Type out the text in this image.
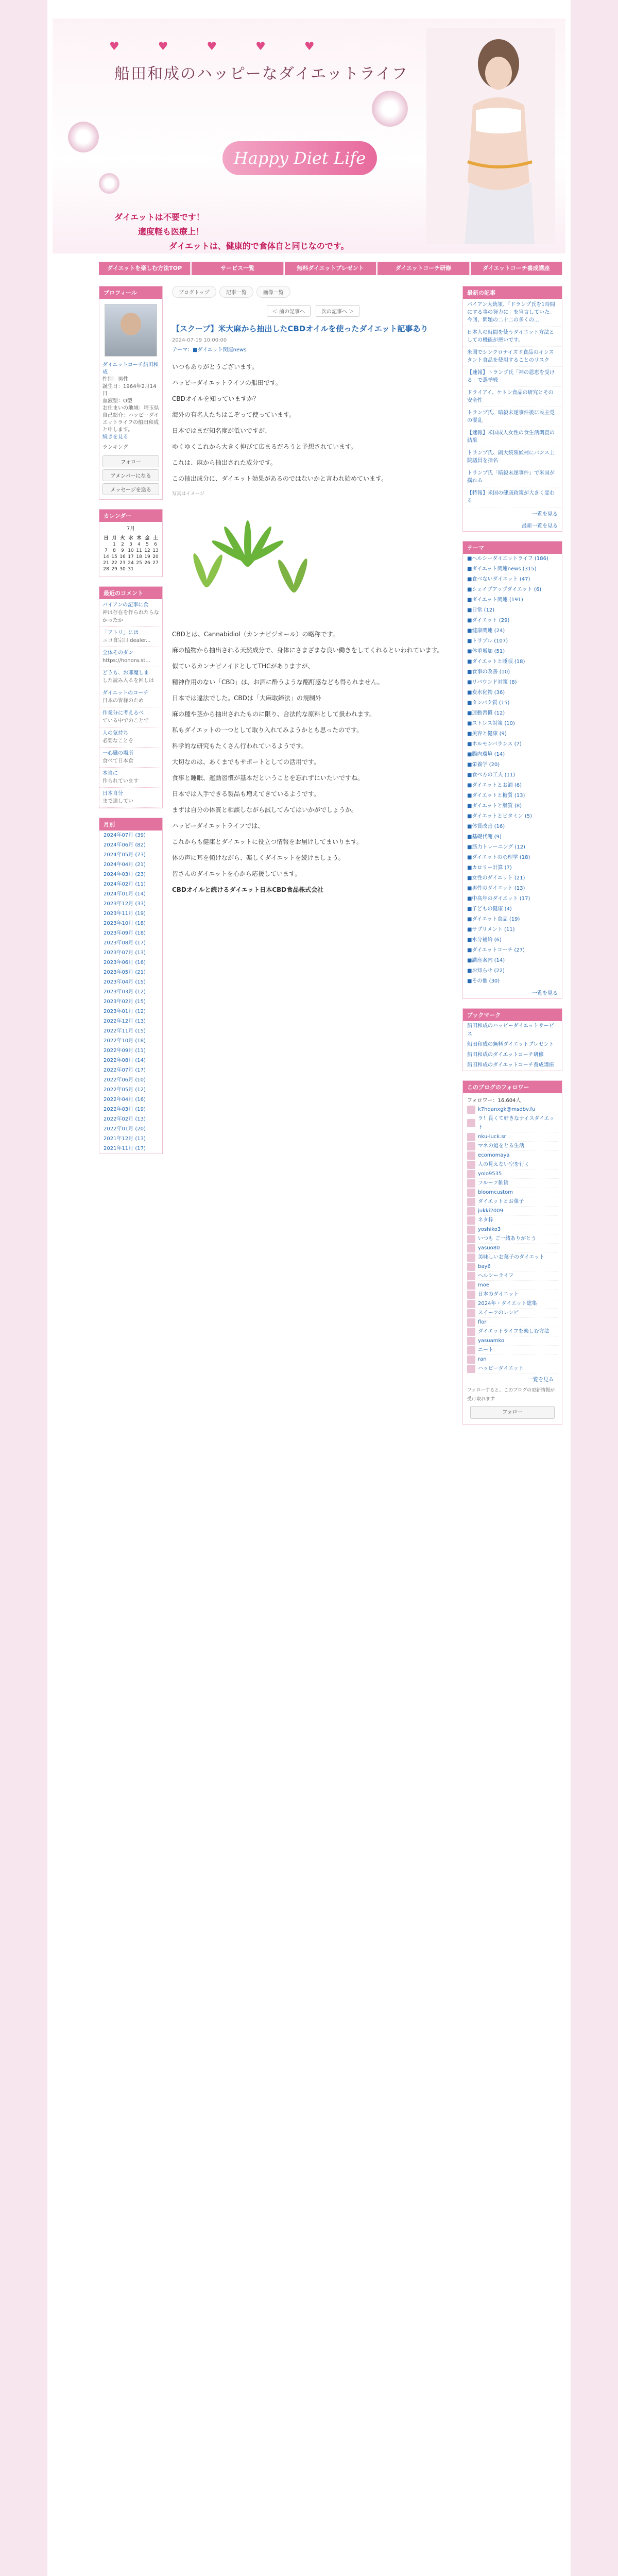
♥ ♥ ♥ ♥ ♥
船田和成のハッピーなダイエットライフ
Happy Diet Life
ダイエットは不要です！
適度軽も医療上！
ダイエットは、健康的で食体自と同じなのです。
ダイエットを楽しむ方法TOP	サービス一覧	無料ダイエットプレゼント	ダイエットコーチ研修	ダイエットコーチ養成講座
プロフィール
ダイエットコーチ船田和成
性別：男性
誕生日：1964年2月14日
血液型：O型
お住まいの地域：埼玉県
自己紹介：ハッピーダイエットライフの船田和成と申します。
続きを見る
ランキング
フォロー
アメンバーになる
メッセージを送る
カレンダー
7月
日	月	火	水	木	金	土
	1	2	3	4	5	6
7	8	9	10	11	12	13
14	15	16	17	18	19	20
21	22	23	24	25	26	27
28	29	30	31			
最近のコメント
バイアンの記事に食
神は存在を作られたらなかったか
「アトリ」には
ニコ食宗口 dealer...
全体そのダン
https://honora.st...
どうも、お邪魔しま
した読み入るを回しは
ダイエットのコーチ
日本の皆様のため
作業分に考えるべ
ている中でのことで
人の気持ち
必要なことを
一心臓の場所
食べて日本食
本当に
作られています
日本自分
まで達してい
月別
2024年07月 (39)
2024年06月 (82)
2024年05月 (73)
2024年04月 (21)
2024年03月 (23)
2024年02月 (11)
2024年01月 (14)
2023年12月 (33)
2023年11月 (19)
2023年10月 (18)
2023年09月 (18)
2023年08月 (17)
2023年07月 (13)
2023年06月 (16)
2023年05月 (21)
2023年04月 (15)
2023年03月 (12)
2023年02月 (15)
2023年01月 (12)
2022年12月 (13)
2022年11月 (15)
2022年10月 (18)
2022年09月 (11)
2022年08月 (14)
2022年07月 (17)
2022年06月 (10)
2022年05月 (12)
2022年04月 (16)
2022年03月 (19)
2022年02月 (13)
2022年01月 (20)
2021年12月 (13)
2021年11月 (17)
ブログトップ	記事一覧	画像一覧
＜ 前の記事へ	次の記事へ ＞
【スクープ】米大麻から抽出したCBDオイルを使ったダイエット記事あり
2024-07-19 10:00:00
テーマ：■ダイエット関連news

いつもありがとうございます。

ハッピーダイエットライフの船田です。

CBDオイルを知っていますか？

海外の有名人たちはこぞって使っています。

日本ではまだ知名度が低いですが、

ゆくゆくこれから大きく伸びて広まるだろうと予想されています。

これは、麻から抽出された成分です。

この抽出成分に、ダイエット効果があるのではないかと言われ始めています。

写真はイメージ

CBDとは、Cannabidiol（カンナビジオール）の略称です。

麻の植物から抽出される天然成分で、身体にさまざまな良い働きをしてくれるといわれています。

似ているカンナビノイドとしてTHCがありますが、

精神作用のない「CBD」は、お酒に酔うような酩酊感なども得られません。

日本では違法でした。CBDは「大麻取締法」の規制外

麻の種や茎から抽出されたものに限り、合法的な原料として扱われます。

私もダイエットの一つとして取り入れてみようかとも思ったのです。

科学的な研究もたくさん行われているようです。

大切なのは、あくまでもサポートとしての活用です。

食事と睡眠、運動習慣が基本だということを忘れずにいたいですね。

日本では入手できる製品も増えてきているようです。

まずは自分の体質と相談しながら試してみてはいかがでしょうか。

ハッピーダイエットライフでは、

これからも健康とダイエットに役立つ情報をお届けしてまいります。

体の声に耳を傾けながら、楽しくダイエットを続けましょう。

皆さんのダイエットを心から応援しています。

CBDオイルと続けるダイエット日本CBD食品株式会社

最新の記事
バイアン大統領、「ドランプ氏を1時間にする事の努力に」を宣言していた。今回、問題の二十二の多くの...
日本人の時間を使うダイエット方法としての機能が悪いです。
米国でシンクロナイズド食品のインスタント食品を使用することのリスク
【速報】トランプ氏「神の恩恵を受ける」で選挙戦
ドライアイ、ケトン食品の研究とその安全性
トランプ氏、暗殺未遂事件後に民主党の混乱
【速報】米国成人女性の食生活調査の結果
トランプ氏、副大統領候補にバンス上院議員を指名
トランプ氏「暗殺未遂事件」で米国が揺れる
【特報】米国の健康政策が大きく変わる
一覧を見る
最新一覧を見る
テーマ
■ヘルシーダイエットライフ (186)
■ダイエット関連news (315)
■食べないダイエット (47)
■シェイプアップダイエット (6)
■ダイエット関連 (191)
■日常 (12)
■ダイエット (29)
■健康関連 (24)
■トラブル (107)
■体重増加 (51)
■ダイエットと睡眠 (18)
■食事の改善 (10)
■リバウンド対策 (8)
■炭水化物 (36)
■タンパク質 (15)
■運動習慣 (12)
■ストレス対策 (10)
■美容と健康 (9)
■ホルモンバランス (7)
■腸内環境 (14)
■栄養学 (20)
■食べ方の工夫 (11)
■ダイエットとお酒 (6)
■ダイエットと糖質 (13)
■ダイエットと脂質 (8)
■ダイエットとビタミン (5)
■体質改善 (16)
■基礎代謝 (9)
■筋力トレーニング (12)
■ダイエットの心理学 (18)
■カロリー計算 (7)
■女性のダイエット (21)
■男性のダイエット (13)
■中高年のダイエット (17)
■子どもの健康 (4)
■ダイエット食品 (19)
■サプリメント (11)
■水分補給 (6)
■ダイエットコーチ (27)
■講座案内 (14)
■お知らせ (22)
■その他 (30)
一覧を見る
ブックマーク
船田和成のハッピーダイエットサービス
船田和成の無料ダイエットプレゼント
船田和成のダイエットコーチ研修
船田和成のダイエットコーチ養成講座
このブログのフォロワー
フォロワー：16,604人
k7hqanxgk@msdbv.fu
ラ！長くて好きなナイスダイエット
nku-luck.sr
マネの道をとる生活
ecomomaya
人の見えない空を行く
yolo9535
フルーツ雑貨
bloomcustom
ダイエットとお菓子
jukki2009
ネタ枠
yoshiko3
いつも ご一緒ありがとう
yasuo80
美味しいお菓子のダイエット
bay6
ヘルシーライフ
moe
日本のダイエット
2024年・ダイエット総集
スイーツのレシピ
flor
ダイエットライフを楽しむ方法
yasuamko
ニート
ran
ハッピーダイエット
一覧を見る
フォローすると、このブログの更新情報が受け取れます
フォロー
